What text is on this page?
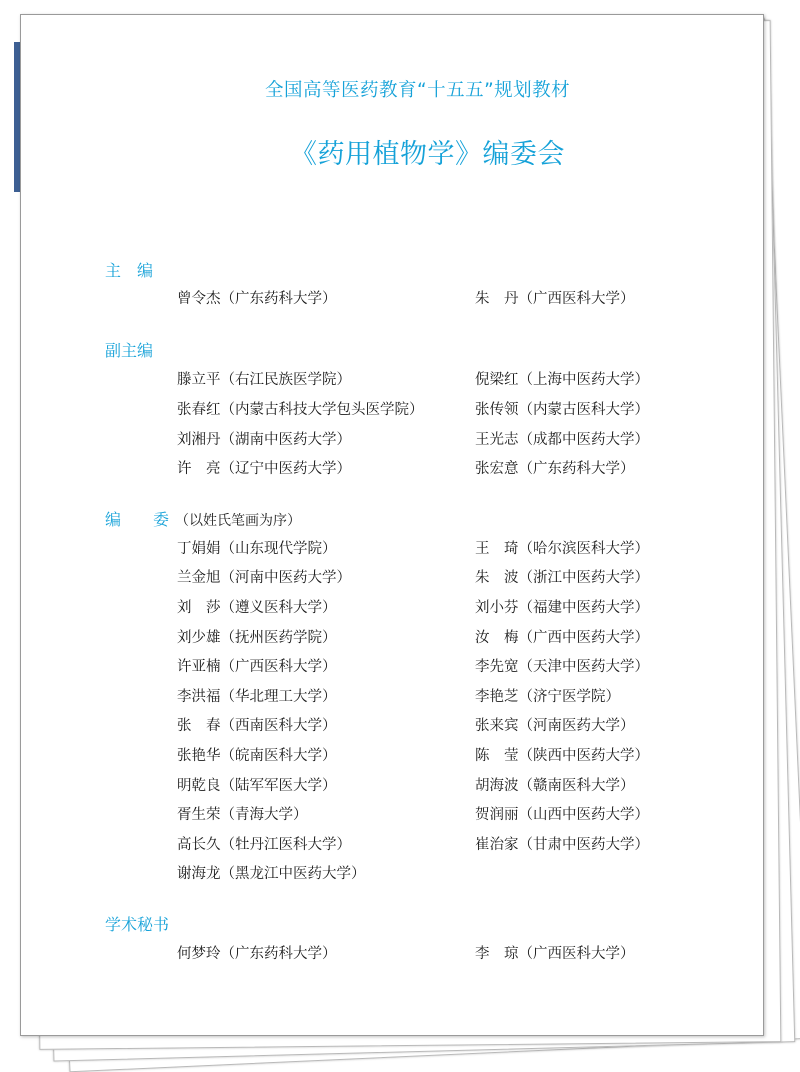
全国高等医药教育“十五五”规划教材
《药用植物学》编委会
主　编
曾令杰（广东药科大学）	朱　丹（广西医科大学）
副主编
滕立平（右江民族医学院）	倪梁红（上海中医药大学）
张春红（内蒙古科技大学包头医学院）	张传领（内蒙古医科大学）
刘湘丹（湖南中医药大学）	王光志（成都中医药大学）
许　亮（辽宁中医药大学）	张宏意（广东药科大学）
编　　委 （以姓氏笔画为序）
丁娟娟（山东现代学院）	王　琦（哈尔滨医科大学）
兰金旭（河南中医药大学）	朱　波（浙江中医药大学）
刘　莎（遵义医科大学）	刘小芬（福建中医药大学）
刘少雄（抚州医药学院）	汝　梅（广西中医药大学）
许亚楠（广西医科大学）	李先宽（天津中医药大学）
李洪福（华北理工大学）	李艳芝（济宁医学院）
张　春（西南医科大学）	张来宾（河南医药大学）
张艳华（皖南医科大学）	陈　莹（陕西中医药大学）
明乾良（陆军军医大学）	胡海波（赣南医科大学）
胥生荣（青海大学）	贺润丽（山西中医药大学）
高长久（牡丹江医科大学）	崔治家（甘肃中医药大学）
谢海龙（黑龙江中医药大学）
学术秘书
何梦玲（广东药科大学）	李　琼（广西医科大学）
